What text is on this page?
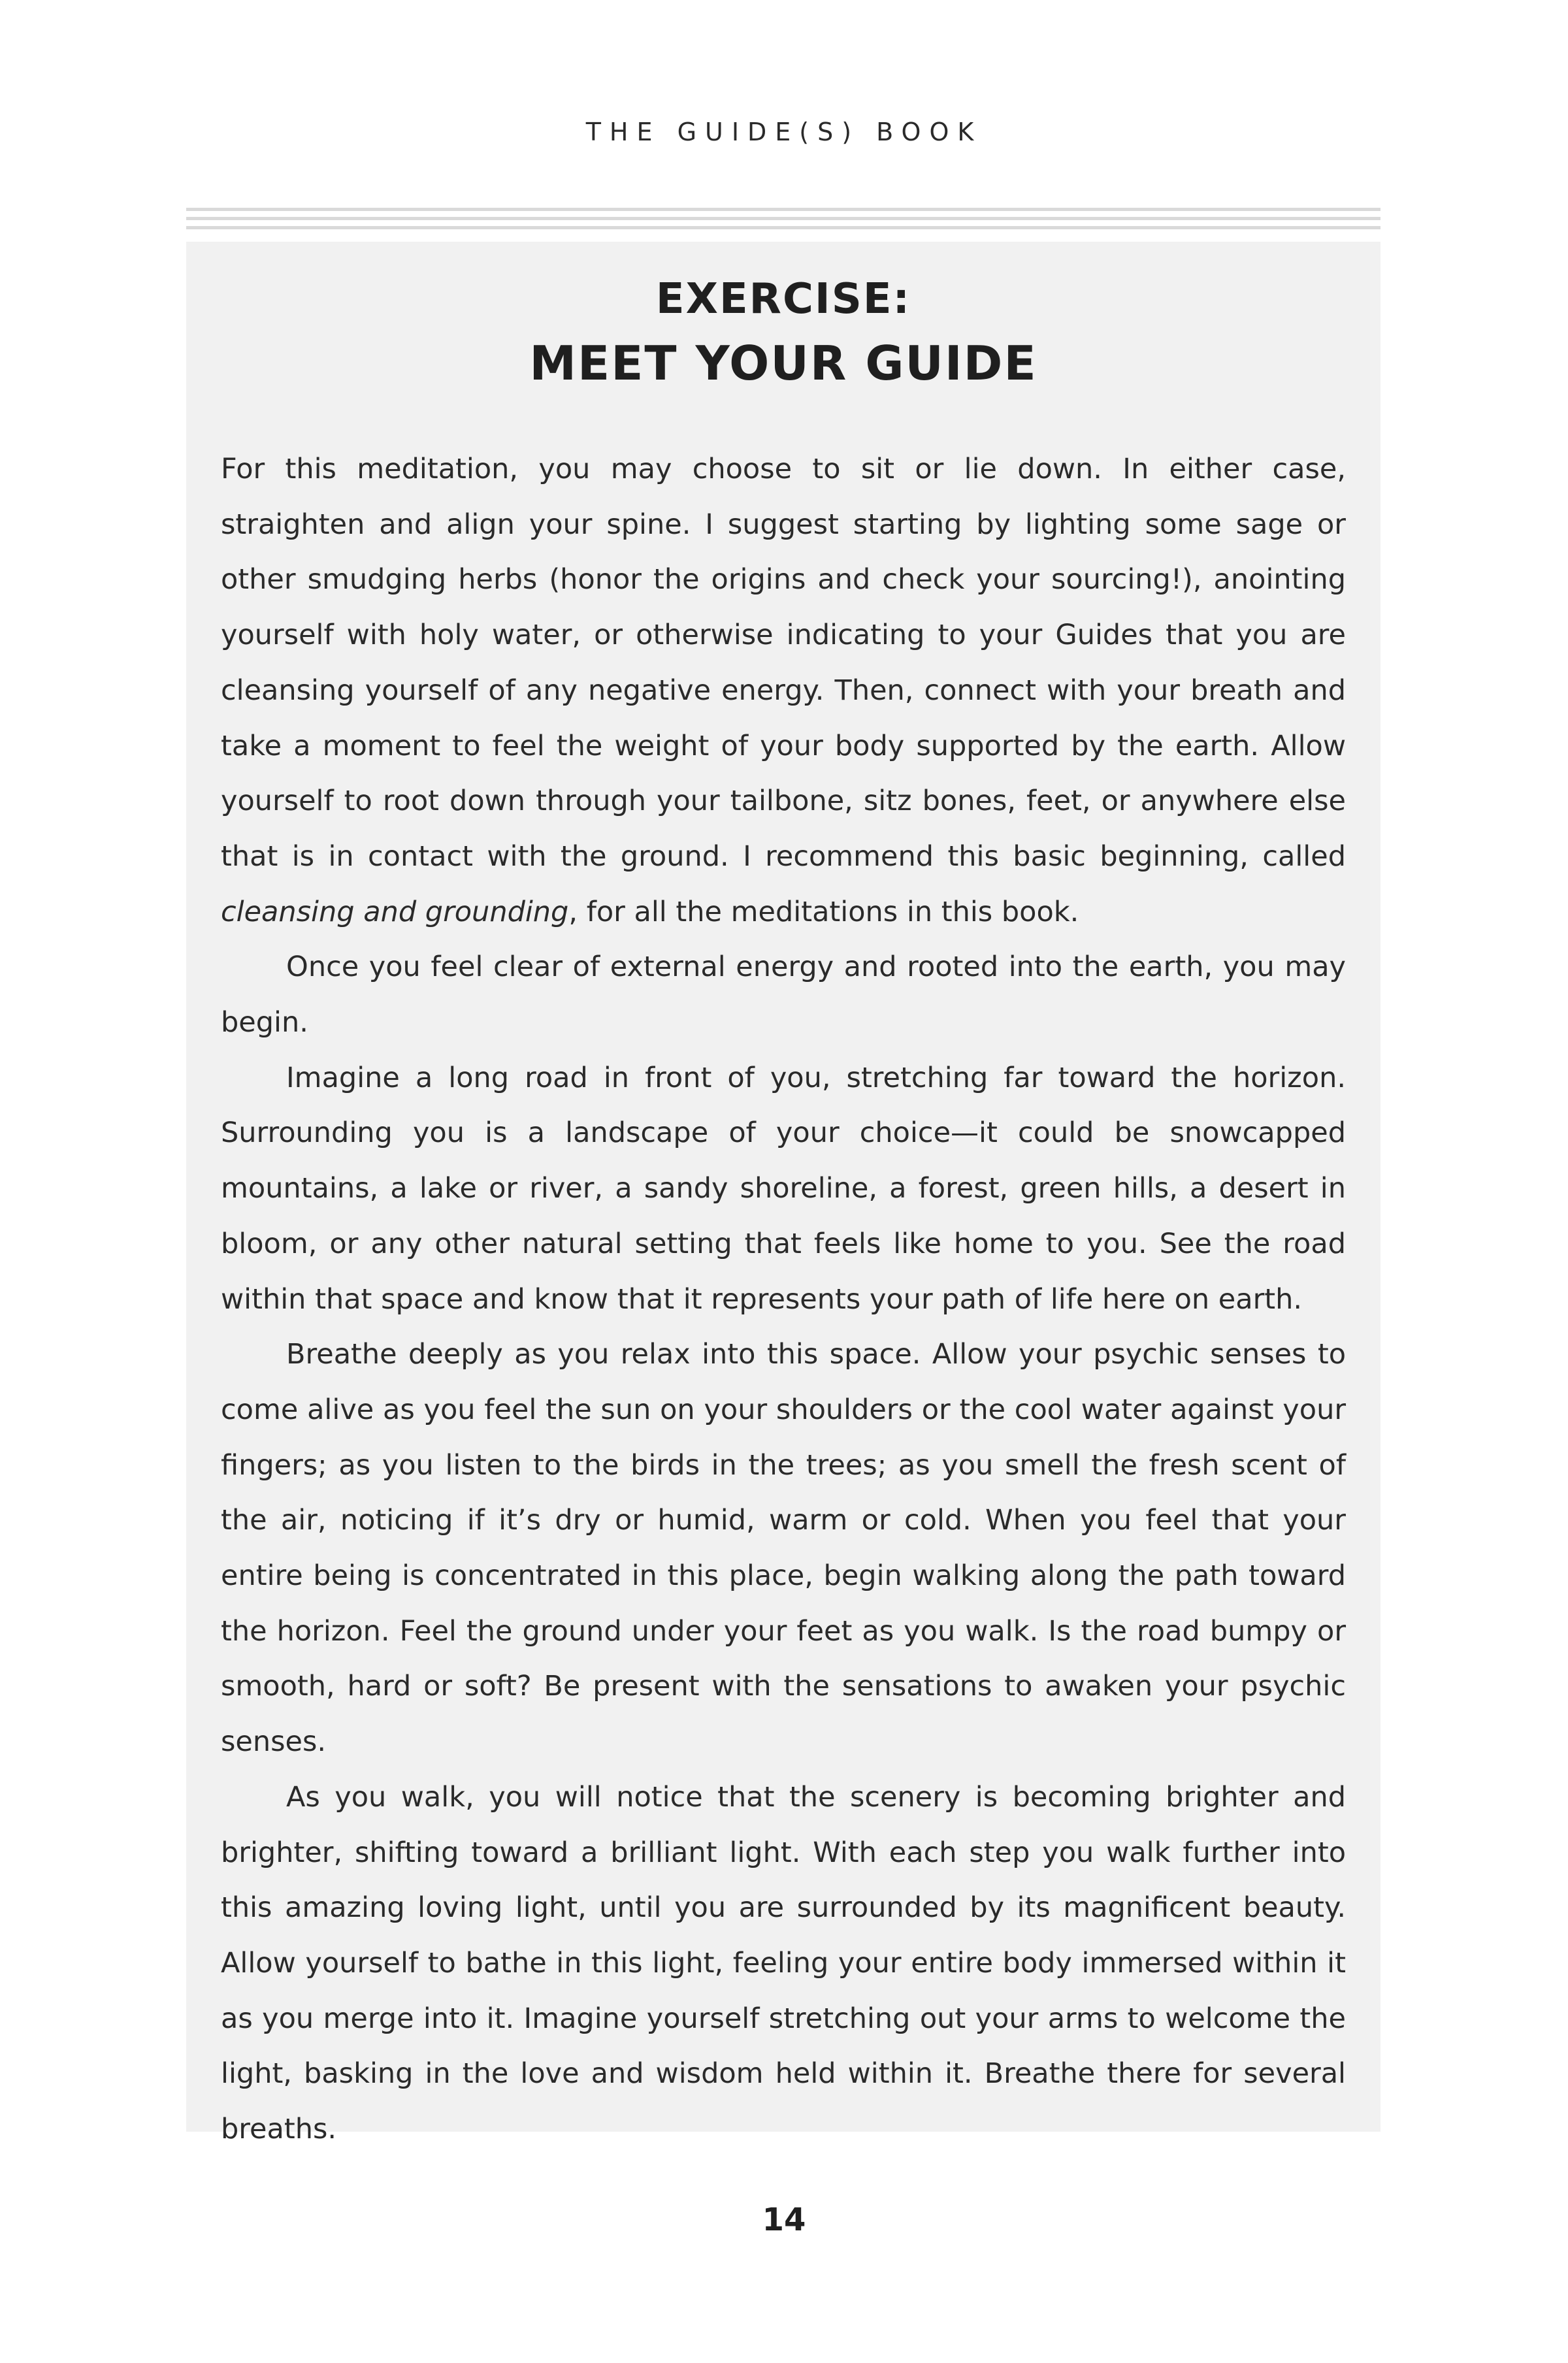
THE GUIDE(S) BOOK
EXERCISE:
MEET YOUR GUIDE

For this meditation, you may choose to sit or lie down. In either case, straighten and align your spine. I suggest starting by lighting some sage or other smudging herbs (honor the origins and check your sourcing!), anointing yourself with holy water, or otherwise indicating to your Guides that you are cleansing yourself of any negative energy. Then, connect with your breath and take a moment to feel the weight of your body supported by the earth. Allow yourself to root down through your tailbone, sitz bones, feet, or anywhere else that is in contact with the ground. I recommend this basic beginning, called cleansing and grounding, for all the meditations in this book.

Once you feel clear of external energy and rooted into the earth, you may begin.

Imagine a long road in front of you, stretching far toward the horizon. Surrounding you is a landscape of your choice—it could be snowcapped mountains, a lake or river, a sandy shoreline, a forest, green hills, a desert in bloom, or any other natural setting that feels like home to you. See the road within that space and know that it represents your path of life here on earth.

Breathe deeply as you relax into this space. Allow your psychic senses to come alive as you feel the sun on your shoulders or the cool water against your fingers; as you listen to the birds in the trees; as you smell the fresh scent of the air, noticing if it’s dry or humid, warm or cold. When you feel that your entire being is concentrated in this place, begin walking along the path toward the horizon. Feel the ground under your feet as you walk. Is the road bumpy or smooth, hard or soft? Be present with the sensations to awaken your psychic senses.

As you walk, you will notice that the scenery is becoming brighter and brighter, shifting toward a brilliant light. With each step you walk further into this amazing loving light, until you are surrounded by its magnificent beauty. Allow yourself to bathe in this light, feeling your entire body immersed within it as you merge into it. Imagine yourself stretching out your arms to welcome the light, basking in the love and wisdom held within it. Breathe there for several breaths.

14
